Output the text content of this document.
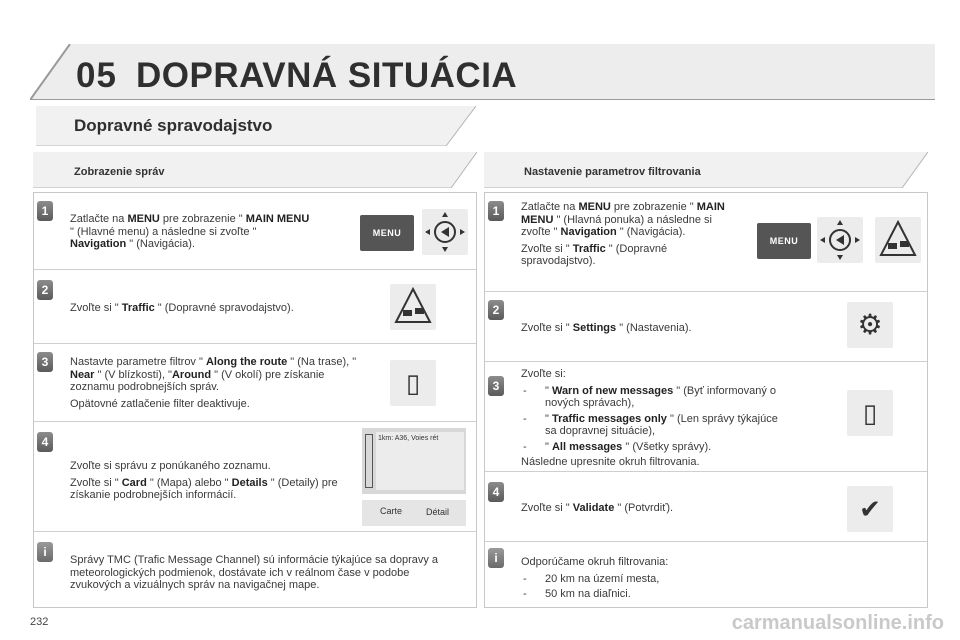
05 DOPRAVNÁ SITUÁCIA
Dopravné spravodajstvo
Zobrazenie správ	Nastavenie parametrov filtrovania
1
Zatlačte na MENU pre zobrazenie " MAIN MENU " (Hlavné menu) a následne si zvoľte " Navigation " (Navigácia).
MENU
2
Zvoľte si " Traffic " (Dopravné spravodajstvo).
3	Nastavte parametre filtrov " Along the route " (Na trase), " Near " (V blízkosti), "Around " (V okolí) pre získanie zoznamu podrobnejších správ.

Opätovné zatlačenie filter deaktivuje.

▯
4

Zvoľte si správu z ponúkaného zoznamu.

Zvoľte si " Card " (Mapa) alebo " Details " (Detaily) pre získanie podrobnejších informácií.

1km: A36, Voies rét
Carte	Détail
i
Správy TMC (Trafic Message Channel) sú informácie týkajúce sa dopravy a meteorologických podmienok, dostávate ich v reálnom čase v podobe zvukových a vizuálnych správ na navigačnej mape.
1	Zatlačte na MENU pre zobrazenie " MAIN MENU " (Hlavná ponuka) a následne si zvoľte " Navigation " (Navigácia).

Zvoľte si " Traffic " (Dopravné spravodajstvo).

MENU
2
Zvoľte si " Settings " (Nastavenia).	⚙
3

Zvoľte si:

- " Warn of new messages " (Byť informovaný o nových správach),
- " Traffic messages only " (Len správy týkajúce sa dopravnej situácie),
- " All messages " (Všetky správy).

Následne upresnite okruh filtrovania.

▯
4
Zvoľte si " Validate " (Potvrdiť).	✔
i	Odporúčame okruh filtrovania:

- 20 km na území mesta,
- 50 km na diaľnici.
232	carmanualsonline.info
